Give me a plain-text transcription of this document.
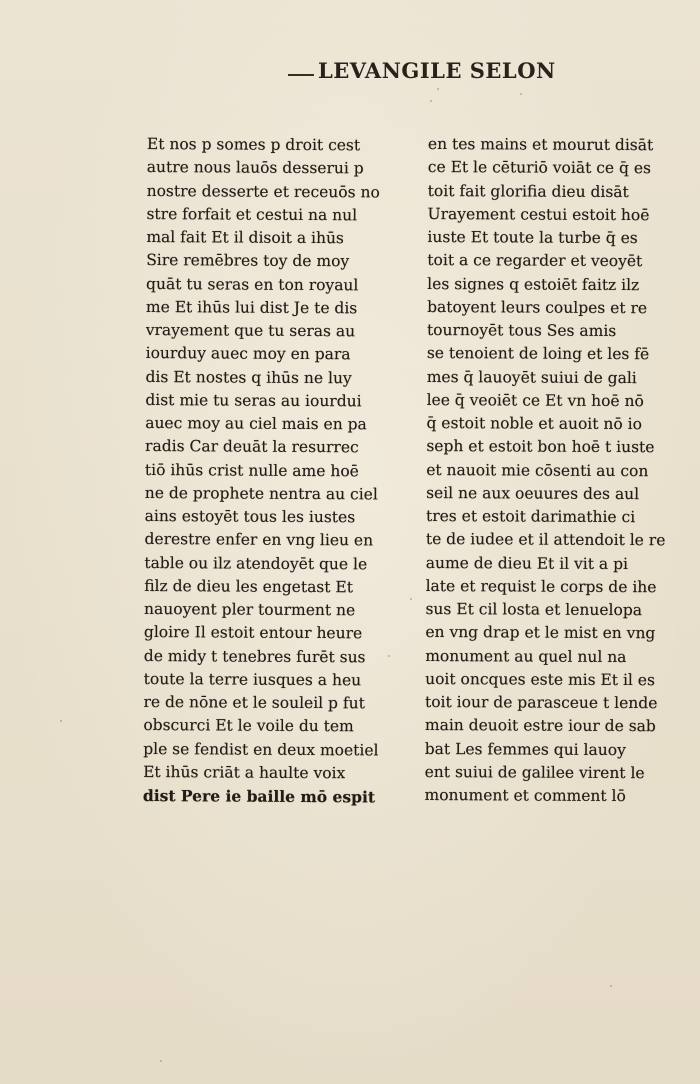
LEVANGILE SELON
Et nos p somes p droit cest
autre nous lauōs desserui p
nostre desserte et receuōs no
stre forfait et cestui na nul
mal fait Et il disoit a ihūs
Sire remēbres toy de moy
quāt tu seras en ton royaul
me Et ihūs lui dist Je te dis
vrayement que tu seras au
iourduy auec moy en para
dis Et nostes q ihūs ne luy
dist mie tu seras au iourdui
auec moy au ciel mais en pa
radis Car deuāt la resurrec
tiō ihūs crist nulle ame hoē
ne de prophete nentra au ciel
ains estoyēt tous les iustes
derestre enfer en vng lieu en
table ou ilz atendoyēt que le
filz de dieu les engetast Et
nauoyent pler tourment ne
gloire Il estoit entour heure
de midy t tenebres furēt sus
toute la terre iusques a heu
re de nōne et le souleil p fut
obscurci Et le voile du tem
ple se fendist en deux moetiel
Et ihūs criāt a haulte voix
dist Pere ie baille mō espit
en tes mains et mourut disāt
ce Et le cēturiō voiāt ce q̄ es
toit fait glorifia dieu disāt
Urayement cestui estoit hoē
iuste Et toute la turbe q̄ es
toit a ce regarder et veoyēt
les signes q estoiēt faitz ilz
batoyent leurs coulpes et re
tournoyēt tous Ses amis
se tenoient de loing et les fē
mes q̄ lauoyēt suiui de gali
lee q̄ veoiēt ce Et vn hoē nō
q̄ estoit noble et auoit nō io
seph et estoit bon hoē t iuste
et nauoit mie cōsenti au con
seil ne aux oeuures des aul
tres et estoit darimathie ci
te de iudee et il attendoit le re
aume de dieu Et il vit a pi
late et requist le corps de ihe
sus Et cil losta et lenuelopa
en vng drap et le mist en vng
monument au quel nul na
uoit oncques este mis Et il es
toit iour de parasceue t lende
main deuoit estre iour de sab
bat Les femmes qui lauoy
ent suiui de galilee virent le
monument et comment lō
